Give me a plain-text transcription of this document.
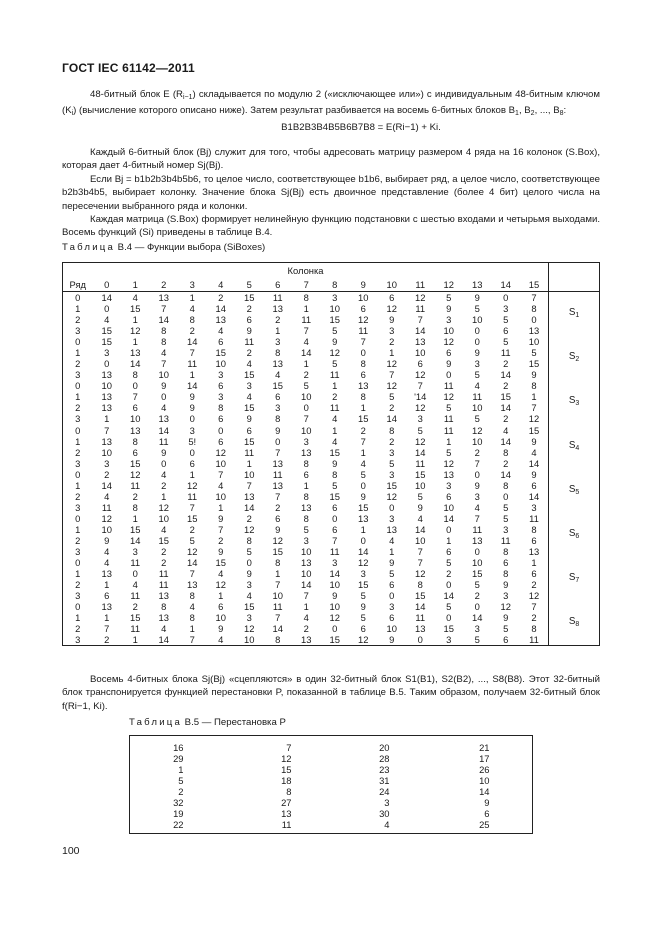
ГОСТ IEC 61142—2011

48-битный блок E $(R_{i-1})$ складывается по модулю 2 («исключающее или») с индивидуальным 48-битным ключом $(K_i)$ (вычисление которого описано ниже). Затем результат разбивается на восемь 6-битных блоков $B_1$, $B_2$, ..., $B_8$:

B1B2B3B4B5B6B7B8 = E(Ri−1) + Ki.

Каждый 6-битный блок (Bj) служит для того, чтобы адресовать матрицу размером 4 ряда на 16 колонок (S.Box), которая дает 4-битный номер Sj(Bj).

Если Bj = b1b2b3b4b5b6, то целое число, соответствующее b1b6, выбирает ряд, а целое число, соответствующее b2b3b4b5, выбирает колонку. Значение блока Sj(Bj) есть двоичное представление (более 4 бит) целого числа на пересечении выбранного ряда и колонки.

Каждая матрица (S.Box) формирует нелинейную функцию подстановки с шестью входами и четырьмя выходами. Восемь функций (Si) приведены в таблице В.4.

Таблица В.4 — Функции выбора (SiBoxes)
Колонка																	
Ряд	0	1	2	3	4	5	6	7	8	9	10	11	12	13	14	15	
0	14	4	13	1	2	15	11	8	3	10	6	12	5	9	0	7	$S_1$
1	0	15	7	4	14	2	13	1	10	6	12	11	9	5	3	8	
2	4	1	14	8	13	6	2	11	15	12	9	7	3	10	5	0	
3	15	12	8	2	4	9	1	7	5	11	3	14	10	0	6	13	
0	15	1	8	14	6	11	3	4	9	7	2	13	12	0	5	10	$S_2$
1	3	13	4	7	15	2	8	14	12	0	1	10	6	9	11	5	
2	0	14	7	11	10	4	13	1	5	8	12	6	9	3	2	15	
3	13	8	10	1	3	15	4	2	11	6	7	12	0	5	14	9	
0	10	0	9	14	6	3	15	5	1	13	12	7	11	4	2	8	$S_3$
1	13	7	0	9	3	4	6	10	2	8	5	'14	12	11	15	1	
2	13	6	4	9	8	15	3	0	11	1	2	12	5	10	14	7	
3	1	10	13	0	6	9	8	7	4	15	14	3	11	5	2	12	
0	7	13	14	3	0	6	9	10	1	2	8	5	11	12	4	15	$S_4$
1	13	8	11	5!	6	15	0	3	4	7	2	12	1	10	14	9	
2	10	6	9	0	12	11	7	13	15	1	3	14	5	2	8	4	
3	3	15	0	6	10	1	13	8	9	4	5	11	12	7	2	14	
0	2	12	4	1	7	10	11	6	8	5	3	15	13	0	14	9	$S_5$
1	14	11	2	12	4	7	13	1	5	0	15	10	3	9	8	6	
2	4	2	1	11	10	13	7	8	15	9	12	5	6	3	0	14	
3	11	8	12	7	1	14	2	13	6	15	0	9	10	4	5	3	
0	12	1	10	15	9	2	6	8	0	13	3	4	14	7	5	11	$S_6$
1	10	15	4	2	7	12	9	5	6	1	13	14	0	11	3	8	
2	9	14	15	5	2	8	12	3	7	0	4	10	1	13	11	6	
3	4	3	2	12	9	5	15	10	11	14	1	7	6	0	8	13	
0	4	11	2	14	15	0	8	13	3	12	9	7	5	10	6	1	$S_7$
1	13	0	11	7	4	9	1	10	14	3	5	12	2	15	8	6	
2	1	4	11	13	12	3	7	14	10	15	6	8	0	5	9	2	
3	6	11	13	8	1	4	10	7	9	5	0	15	14	2	3	12	
0	13	2	8	4	6	15	11	1	10	9	3	14	5	0	12	7	$S_8$
1	1	15	13	8	10	3	7	4	12	5	6	11	0	14	9	2	
2	7	11	4	1	9	12	14	2	0	6	10	13	15	3	5	8	
3	2	1	14	7	4	10	8	13	15	12	9	0	3	5	6	11	

Восемь 4-битных блока Sj(Bj) «сцепляются» в один 32-битный блок S1(B1), S2(B2), ..., S8(B8). Этот 32-битный блок транспонируется функцией перестановки P, показанной в таблице В.5. Таким образом, получаем 32-битный блок f(Ri−1, Ki).

Таблица В.5 — Перестановка P
16	7	20	21	
29	12	28	17	
1	15	23	26	
5	18	31	10	
2	8	24	14	
32	27	3	9	
19	13	30	6	
22	11	4	25	
100
